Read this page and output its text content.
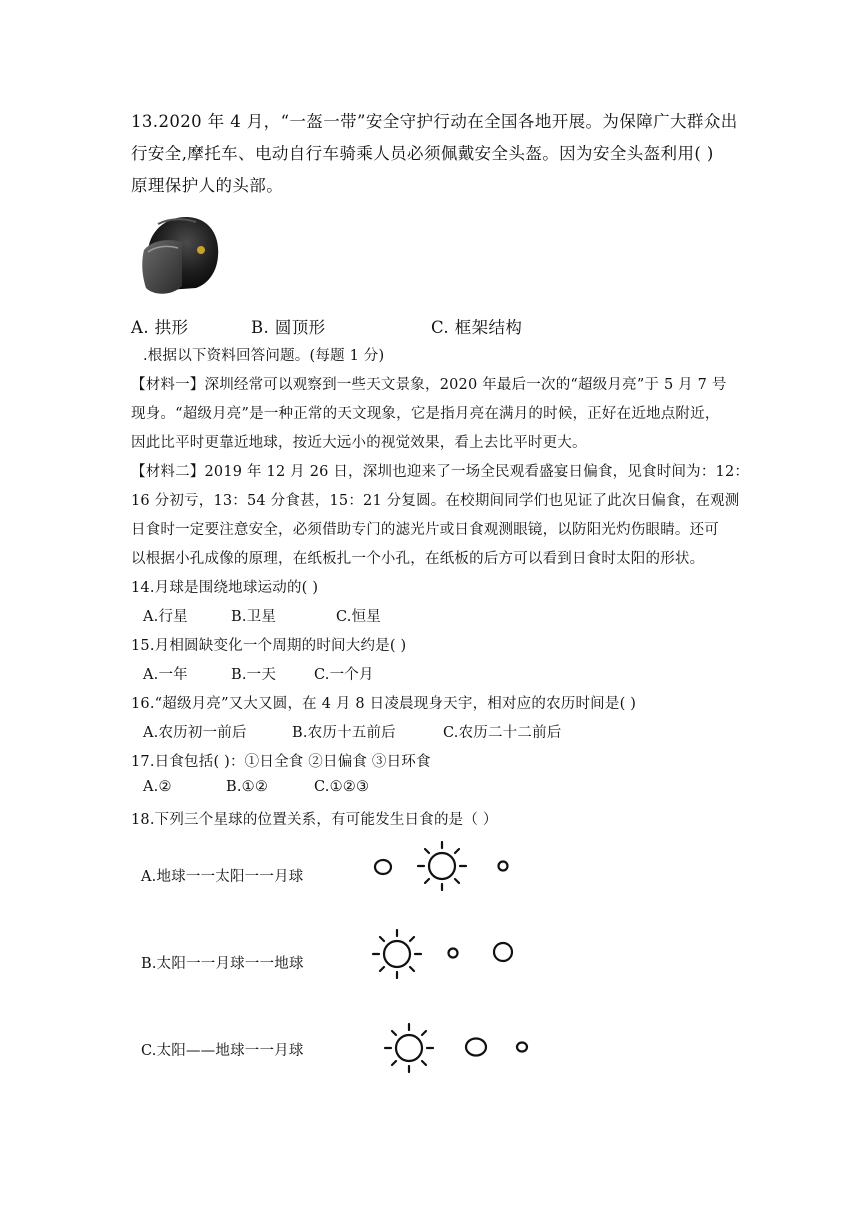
13.2020 年 4 月，“一盔一带”安全守护行动在全国各地开展。为保障广大群众出
行安全,摩托车、电动自行车骑乘人员必须佩戴安全头盔。因为安全头盔利用( )
原理保护人的头部。
A. 拱形	B. 圆顶形	C. 框架结构
.根据以下资料回答问题。(每题 1 分)
【材料一】深圳经常可以观察到一些天文景象，2020 年最后一次的“超级月亮”于 5 月 7 号
现身。“超级月亮”是一种正常的天文现象，它是指月亮在满月的时候，正好在近地点附近，
因此比平时更靠近地球，按近大远小的视觉效果，看上去比平时更大。
【材料二】2019 年 12 月 26 日，深圳也迎来了一场全民观看盛宴日偏食，见食时间为：12：
16 分初亏，13：54 分食甚，15：21 分复圆。在校期间同学们也见证了此次日偏食，在观测
日食时一定要注意安全，必须借助专门的滤光片或日食观测眼镜，以防阳光灼伤眼睛。还可
以根据小孔成像的原理，在纸板扎一个小孔，在纸板的后方可以看到日食时太阳的形状。
14.月球是围绕地球运动的( )
A.行星	B.卫星	C.恒星
15.月相圆缺变化一个周期的时间大约是( )
A.一年	B.一天	C.一个月
16.“超级月亮”又大又圆，在 4 月 8 日凌晨现身天宇，相对应的农历时间是( )
A.农历初一前后	B.农历十五前后	C.农历二十二前后
17.日食包括( )：①日全食 ②日偏食 ③日环食
A.②	B.①②	C.①②③
18.下列三个星球的位置关系，有可能发生日食的是（ ）
A.地球一一太阳一一月球
B.太阳一一月球一一地球
C.太阳——地球一一月球
